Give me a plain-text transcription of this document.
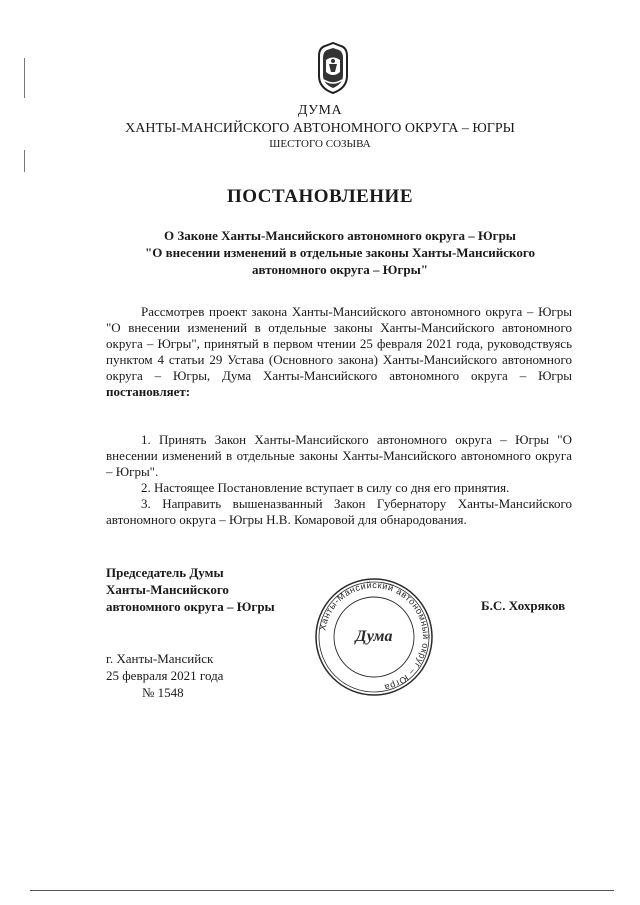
ДУМА
ХАНТЫ-МАНСИЙСКОГО АВТОНОМНОГО ОКРУГА – ЮГРЫ
ШЕСТОГО СОЗЫВА
ПОСТАНОВЛЕНИЕ
О Законе Ханты-Мансийского автономного округа – Югры
"О внесении изменений в отдельные законы Ханты-Мансийского
автономного округа – Югры"
Рассмотрев проект закона Ханты-Мансийского автономного округа – Югры "О внесении изменений в отдельные законы Ханты-Мансийского автономного округа – Югры", принятый в первом чтении 25 февраля 2021 года, руководствуясь пунктом 4 статьи 29 Устава (Основного закона) Ханты-Мансийского автономного округа – Югры, Дума Ханты-Мансийского автономного округа – Югры постановляет:
1. Принять Закон Ханты-Мансийского автономного округа – Югры "О внесении изменений в отдельные законы Ханты-Мансийского автономного округа – Югры".
2. Настоящее Постановление вступает в силу со дня его принятия.
3. Направить вышеназванный Закон Губернатору Ханты-Мансийского автономного округа – Югры Н.В. Комаровой для обнародования.
Председатель Думы
Ханты-Мансийского
автономного округа – Югры
Ханты-Мансийский автономный округ – Югра
Дума
Б.С. Хохряков
г. Ханты-Мансийск
25 февраля 2021 года
№ 1548
